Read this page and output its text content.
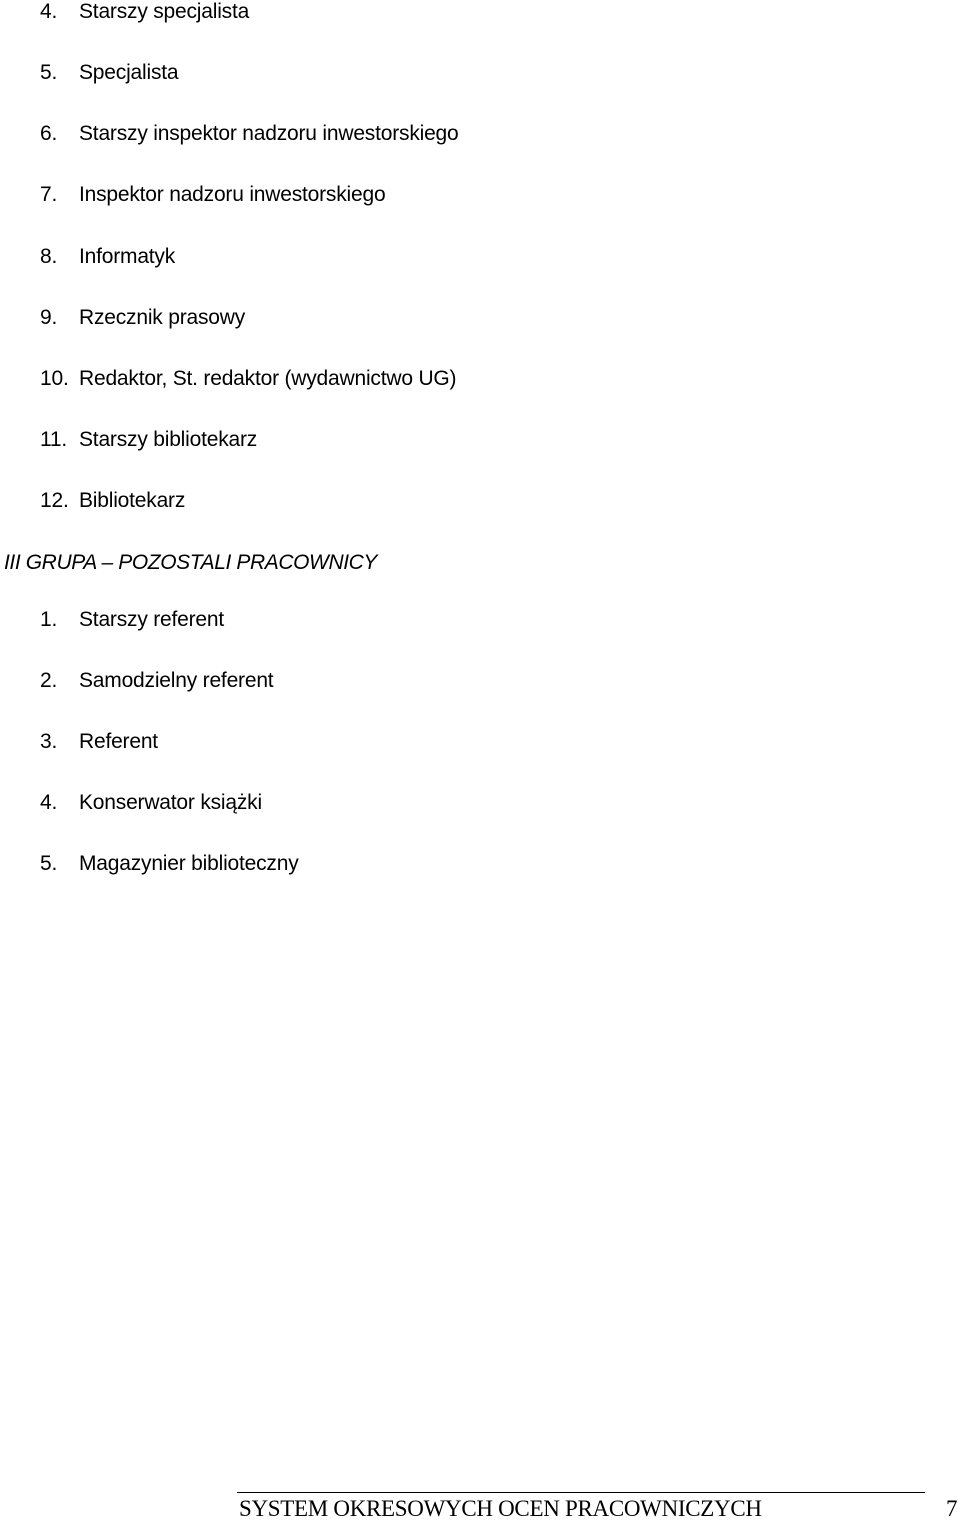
4. Starszy specjalista
5. Specjalista
6. Starszy inspektor nadzoru inwestorskiego
7. Inspektor nadzoru inwestorskiego
8. Informatyk
9. Rzecznik prasowy
10. Redaktor, St. redaktor (wydawnictwo UG)
11. Starszy bibliotekarz
12. Bibliotekarz
III GRUPA – POZOSTALI PRACOWNICY
1. Starszy referent
2. Samodzielny referent
3. Referent
4. Konserwator książki
5. Magazynier biblioteczny
SYSTEM OKRESOWYCH OCEN PRACOWNICZYCH	7
